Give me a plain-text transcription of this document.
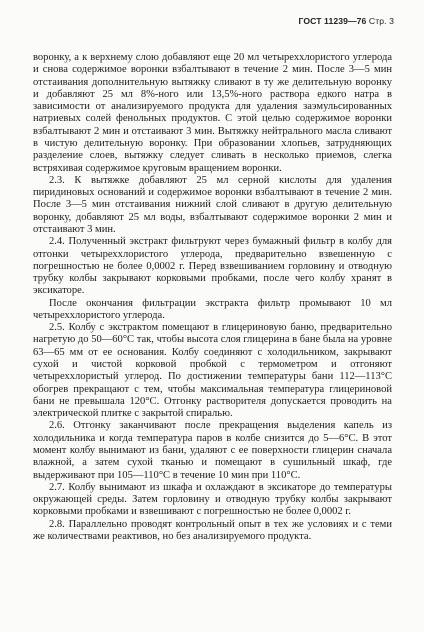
ГОСТ 11239—76 Стр. 3

воронку, а к верхнему слою добавляют еще 20 мл четыреххлористого углерода и снова содержимое воронки взбалтывают в течение 2 мин. После 3—5 мин отстаивания дополнительную вытяжку сливают в ту же делительную воронку и добавляют 25 мл 8%-ного или 13,5%-ного раствора едкого натра в зависимости от анализируемого продукта для удаления заэмульсированных натриевых солей фенольных продуктов. С этой целью содержимое воронки взбалтывают 2 мин и отстаивают 3 мин. Вытяжку нейтрального масла сливают в чистую делительную воронку. При образовании хлопьев, затрудняющих разделение слоев, вытяжку следует сливать в несколько приемов, слегка встряхивая содержимое круговым вращением воронки.

2.3. К вытяжке добавляют 25 мл серной кислоты для удаления пиридиновых оснований и содержимое воронки взбалтывают в течение 2 мин. После 3—5 мин отстаивания нижний слой сливают в другую делительную воронку, добавляют 25 мл воды, взбалтывают содержимое воронки 2 мин и отстаивают 3 мин.

2.4. Полученный экстракт фильтруют через бумажный фильтр в колбу для отгонки четыреххлористого углерода, предварительно взвешенную с погрешностью не более 0,0002 г. Перед взвешиванием горловину и отводную трубку колбы закрывают корковыми пробками, после чего колбу хранят в эксикаторе.

После окончания фильтрации экстракта фильтр промывают 10 мл четыреххлористого углерода.

2.5. Колбу с экстрактом помещают в глицериновую баню, предварительно нагретую до 50—60°С так, чтобы высота слоя глицерина в бане была на уровне 63—65 мм от ее основания. Колбу соединяют с холодильником, закрывают сухой и чистой корковой пробкой с термометром и отгоняют четыреххлористый углерод. По достижении температуры бани 112—113°С обогрев прекращают с тем, чтобы максимальная температура глицериновой бани не превышала 120°С. Отгонку растворителя допускается проводить на электрической плитке с закрытой спиралью.

2.6. Отгонку заканчивают после прекращения выделения капель из холодильника и когда температура паров в колбе снизится до 5—6°С. В этот момент колбу вынимают из бани, удаляют с ее поверхности глицерин сначала влажной, а затем сухой тканью и помещают в сушильный шкаф, где выдерживают при 105—110°С в течение 10 мин при 110°С.

2.7. Колбу вынимают из шкафа и охлаждают в эксикаторе до температуры окружающей среды. Затем горловину и отводную трубку колбы закрывают корковыми пробками и взвешивают с погрешностью не более 0,0002 г.

2.8. Параллельно проводят контрольный опыт в тех же условиях и с теми же количествами реактивов, но без анализируемого продукта.
